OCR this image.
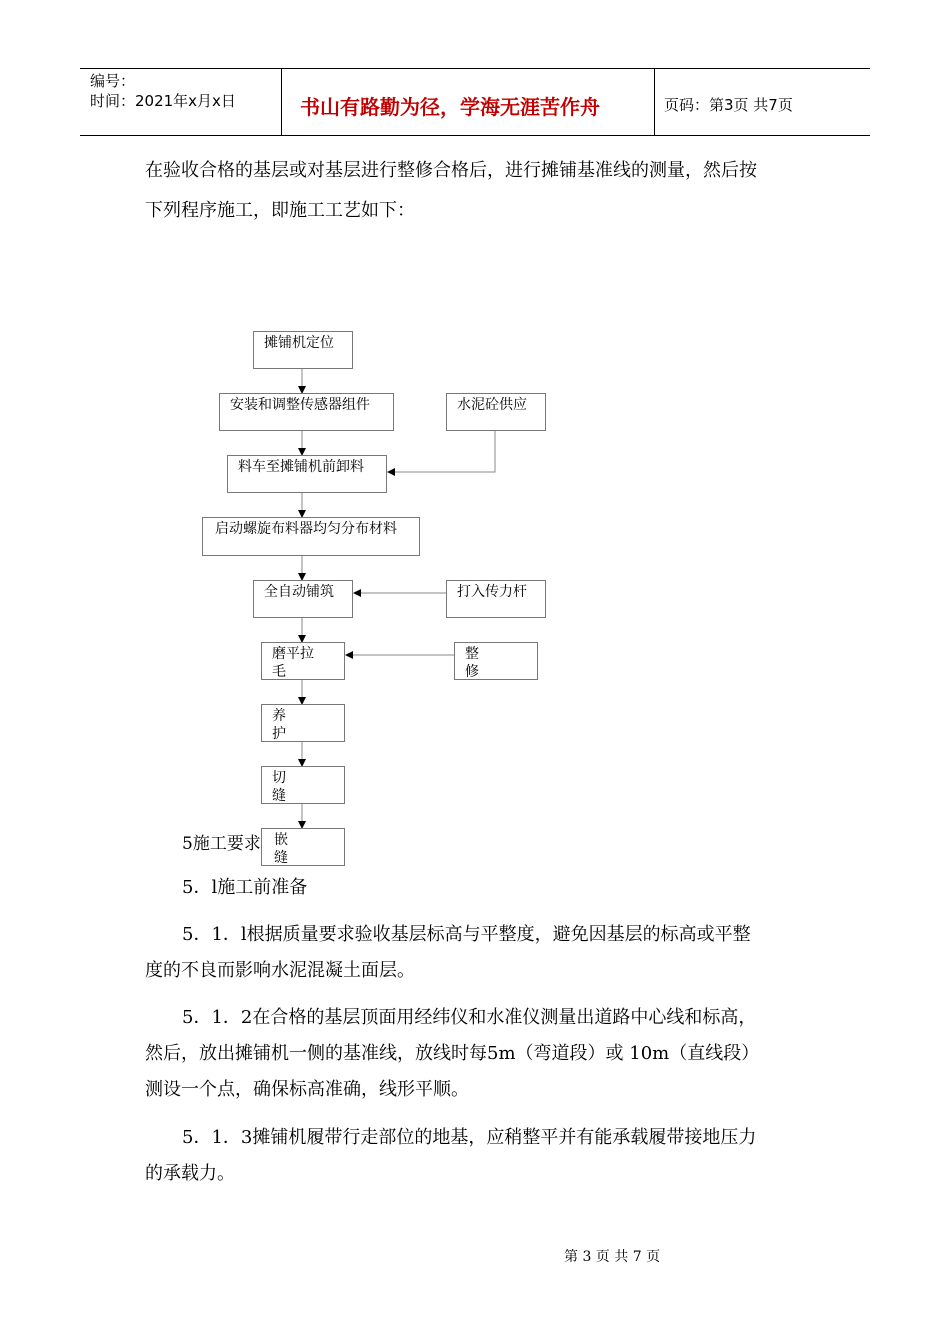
编号：
时间：2021年x月x日	书山有路勤为径，学海无涯苦作舟	页码：第3页 共7页
在验收合格的基层或对基层进行整修合格后，进行摊铺基准线的测量，然后按
下列程序施工，即施工工艺如下：
摊铺机定位
安装和调整传感器组件
料车至摊铺机前卸料
启动螺旋布料器均匀分布材料
全自动铺筑
磨平拉毛
养护
切缝
嵌缝
水泥砼供应
打入传力杆
整修
5施工要求
5．l施工前准备
5．1．l根据质量要求验收基层标高与平整度，避免因基层的标高或平整
度的不良而影响水泥混凝土面层。
5．1．2在合格的基层顶面用经纬仪和水准仪测量出道路中心线和标高，
然后，放出摊铺机一侧的基准线，放线时每5m（弯道段）或 10m（直线段）
测设一个点，确保标高准确，线形平顺。
5．1．3摊铺机履带行走部位的地基，应稍整平并有能承载履带接地压力
的承载力。
第 3 页 共 7 页
